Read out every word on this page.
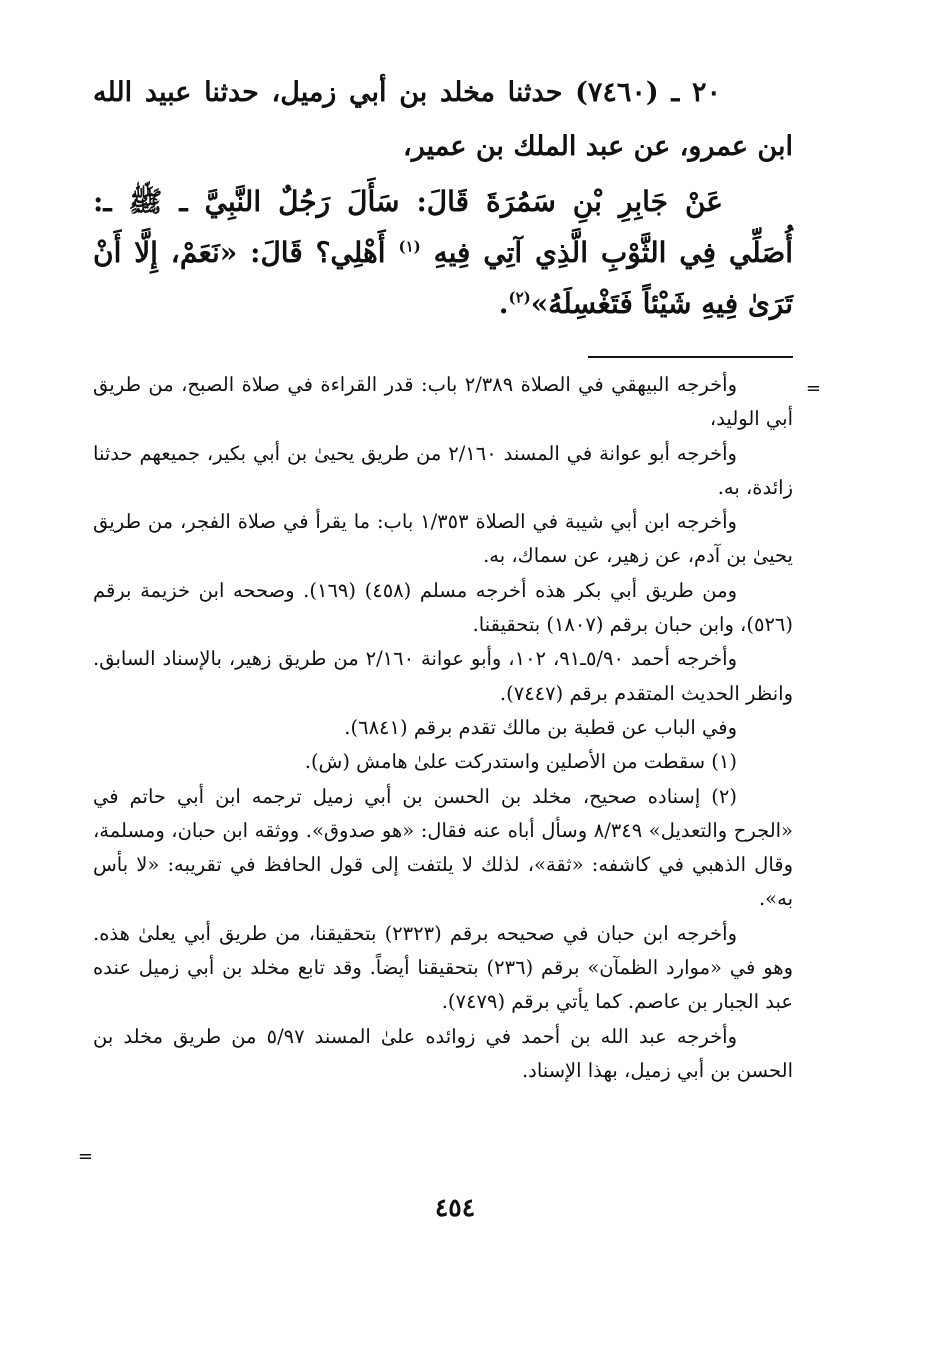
٢٠ ـ (٧٤٦٠) حدثنا مخلد بن أبي زميل، حدثنا عبيد الله ابن عمرو، عن عبد الملك بن عمير،

عَنْ جَابِرِ بْنِ سَمُرَةَ قَالَ: سَأَلَ رَجُلٌ النَّبِيَّ ـ ﷺ ـ: أُصَلِّي فِي الثَّوْبِ الَّذِي آتِي فِيهِ $^{(١)}$ أَهْلِي؟ قَالَ: «نَعَمْ، إِلَّا أَنْ تَرَىٰ فِيهِ شَيْئاً فَتَغْسِلَهُ»$^{(٢)}$.

=

وأخرجه البيهقي في الصلاة ٢/٣٨٩ باب: قدر القراءة في صلاة الصبح، من طريق أبي الوليد،

وأخرجه أبو عوانة في المسند ٢/١٦٠ من طريق يحيىٰ بن أبي بكير، جميعهم حدثنا زائدة، به.

وأخرجه ابن أبي شيبة في الصلاة ١/٣٥٣ باب: ما يقرأ في صلاة الفجر، من طريق يحيىٰ بن آدم، عن زهير، عن سماك، به.

ومن طريق أبي بكر هذه أخرجه مسلم (٤٥٨) (١٦٩). وصححه ابن خزيمة برقم (٥٢٦)، وابن حبان برقم (١٨٠٧) بتحقيقنا.

وأخرجه أحمد ٥/٩٠ـ٩١، ١٠٢، وأبو عوانة ٢/١٦٠ من طريق زهير، بالإسناد السابق. وانظر الحديث المتقدم برقم (٧٤٤٧).

وفي الباب عن قطبة بن مالك تقدم برقم (٦٨٤١).

(١) سقطت من الأصلين واستدركت علىٰ هامش (ش).

(٢) إسناده صحيح، مخلد بن الحسن بن أبي زميل ترجمه ابن أبي حاتم في «الجرح والتعديل» ٨/٣٤٩ وسأل أباه عنه فقال: «هو صدوق». ووثقه ابن حبان، ومسلمة، وقال الذهبي في كاشفه: «ثقة»، لذلك لا يلتفت إلى قول الحافظ في تقريبه: «لا بأس به».

وأخرجه ابن حبان في صحيحه برقم (٢٣٢٣) بتحقيقنا، من طريق أبي يعلىٰ هذه. وهو في «موارد الظمآن» برقم (٢٣٦) بتحقيقنا أيضاً. وقد تابع مخلد بن أبي زميل عنده عبد الجبار بن عاصم. كما يأتي برقم (٧٤٧٩).

وأخرجه عبد الله بن أحمد في زوائده علىٰ المسند ٥/٩٧ من طريق مخلد بن الحسن بن أبي زميل، بهذا الإسناد.

=
٤٥٤
